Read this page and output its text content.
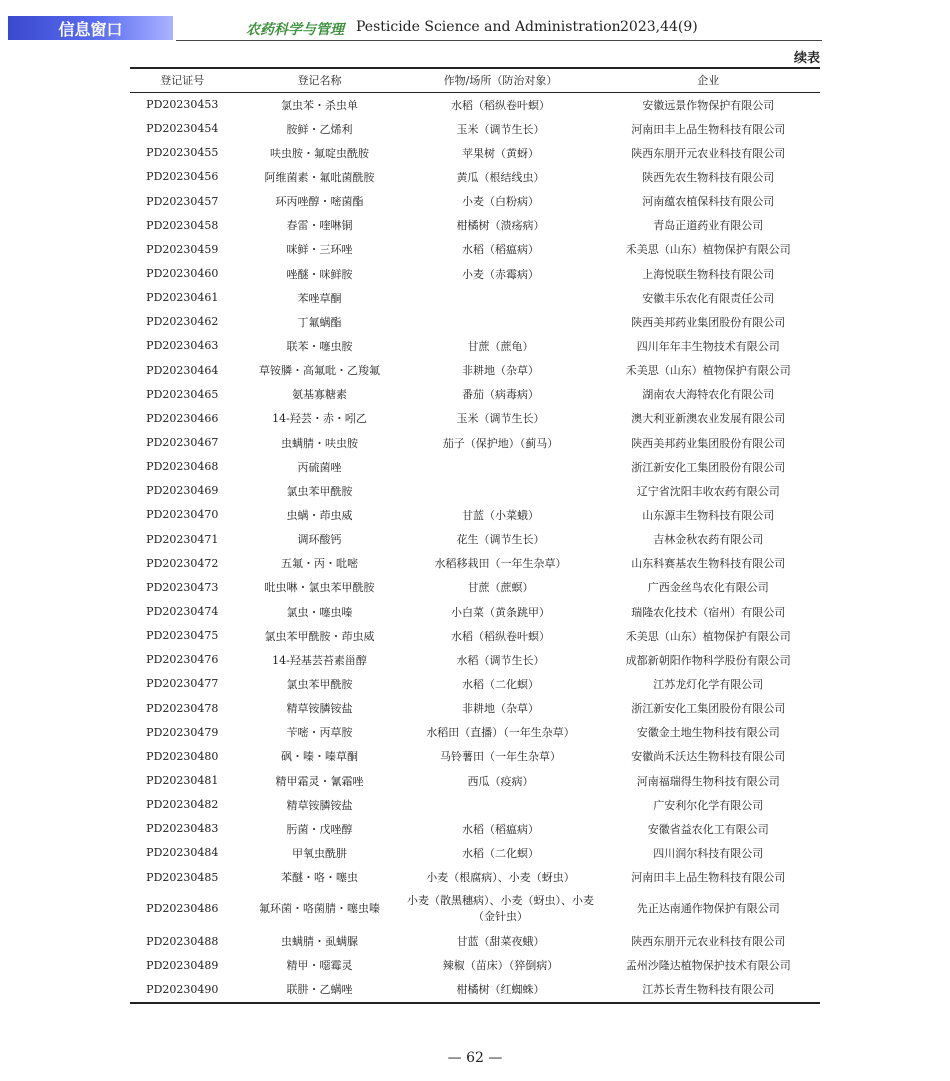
信息窗口	农药科学与管理 Pesticide Science and Administration 2023,44(9)
续表
登记证号	登记名称	作物/场所（防治对象）	企业
PD20230453	氯虫苯・杀虫单	水稻（稻纵卷叶螟）	安徽远景作物保护有限公司
PD20230454	胺鲜・乙烯利	玉米（调节生长）	河南田丰上品生物科技有限公司
PD20230455	呋虫胺・氟啶虫酰胺	苹果树（黄蚜）	陕西东朋开元农业科技有限公司
PD20230456	阿维菌素・氟吡菌酰胺	黄瓜（根结线虫）	陕西先农生物科技有限公司
PD20230457	环丙唑醇・嘧菌酯	小麦（白粉病）	河南蕴农植保科技有限公司
PD20230458	春雷・喹啉铜	柑橘树（溃疡病）	青岛正道药业有限公司
PD20230459	咪鲜・三环唑	水稻（稻瘟病）	禾美思（山东）植物保护有限公司
PD20230460	唑醚・咪鲜胺	小麦（赤霉病）	上海悦联生物科技有限公司
PD20230461	苯唑草酮		安徽丰乐农化有限责任公司
PD20230462	丁氟螨酯		陕西美邦药业集团股份有限公司
PD20230463	联苯・噻虫胺	甘蔗（蔗龟）	四川年年丰生物技术有限公司
PD20230464	草铵膦・高氟吡・乙羧氟	非耕地（杂草）	禾美思（山东）植物保护有限公司
PD20230465	氨基寡糖素	番茄（病毒病）	湖南农大海特农化有限公司
PD20230466	14-羟芸・赤・吲乙	玉米（调节生长）	澳大利亚新澳农业发展有限公司
PD20230467	虫螨腈・呋虫胺	茄子（保护地）（蓟马）	陕西美邦药业集团股份有限公司
PD20230468	丙硫菌唑		浙江新安化工集团股份有限公司
PD20230469	氯虫苯甲酰胺		辽宁省沈阳丰收农药有限公司
PD20230470	虫螨・茚虫威	甘蓝（小菜蛾）	山东源丰生物科技有限公司
PD20230471	调环酸钙	花生（调节生长）	吉林金秋农药有限公司
PD20230472	五氟・丙・吡嘧	水稻移栽田（一年生杂草）	山东科赛基农生物科技有限公司
PD20230473	吡虫啉・氯虫苯甲酰胺	甘蔗（蔗螟）	广西金丝鸟农化有限公司
PD20230474	氯虫・噻虫嗪	小白菜（黄条跳甲）	瑞隆农化技术（宿州）有限公司
PD20230475	氯虫苯甲酰胺・茚虫威	水稻（稻纵卷叶螟）	禾美思（山东）植物保护有限公司
PD20230476	14-羟基芸苔素甾醇	水稻（调节生长）	成都新朝阳作物科学股份有限公司
PD20230477	氯虫苯甲酰胺	水稻（二化螟）	江苏龙灯化学有限公司
PD20230478	精草铵膦铵盐	非耕地（杂草）	浙江新安化工集团股份有限公司
PD20230479	苄嘧・丙草胺	水稻田（直播）（一年生杂草）	安徽金土地生物科技有限公司
PD20230480	砜・嗪・嗪草酮	马铃薯田（一年生杂草）	安徽尚禾沃达生物科技有限公司
PD20230481	精甲霜灵・氰霜唑	西瓜（疫病）	河南福瑞得生物科技有限公司
PD20230482	精草铵膦铵盐		广安利尔化学有限公司
PD20230483	肟菌・戊唑醇	水稻（稻瘟病）	安徽省益农化工有限公司
PD20230484	甲氧虫酰肼	水稻（二化螟）	四川润尔科技有限公司
PD20230485	苯醚・咯・噻虫	小麦（根腐病）、小麦（蚜虫）	河南田丰上品生物科技有限公司
PD20230486	氟环菌・咯菌腈・噻虫嗪	小麦（散黑穗病）、小麦（蚜虫）、小麦（金针虫）	先正达南通作物保护有限公司
PD20230488	虫螨腈・虱螨脲	甘蓝（甜菜夜蛾）	陕西东朋开元农业科技有限公司
PD20230489	精甲・噁霉灵	辣椒（苗床）（猝倒病）	孟州沙隆达植物保护技术有限公司
PD20230490	联肼・乙螨唑	柑橘树（红蜘蛛）	江苏长青生物科技有限公司
— 62 —
